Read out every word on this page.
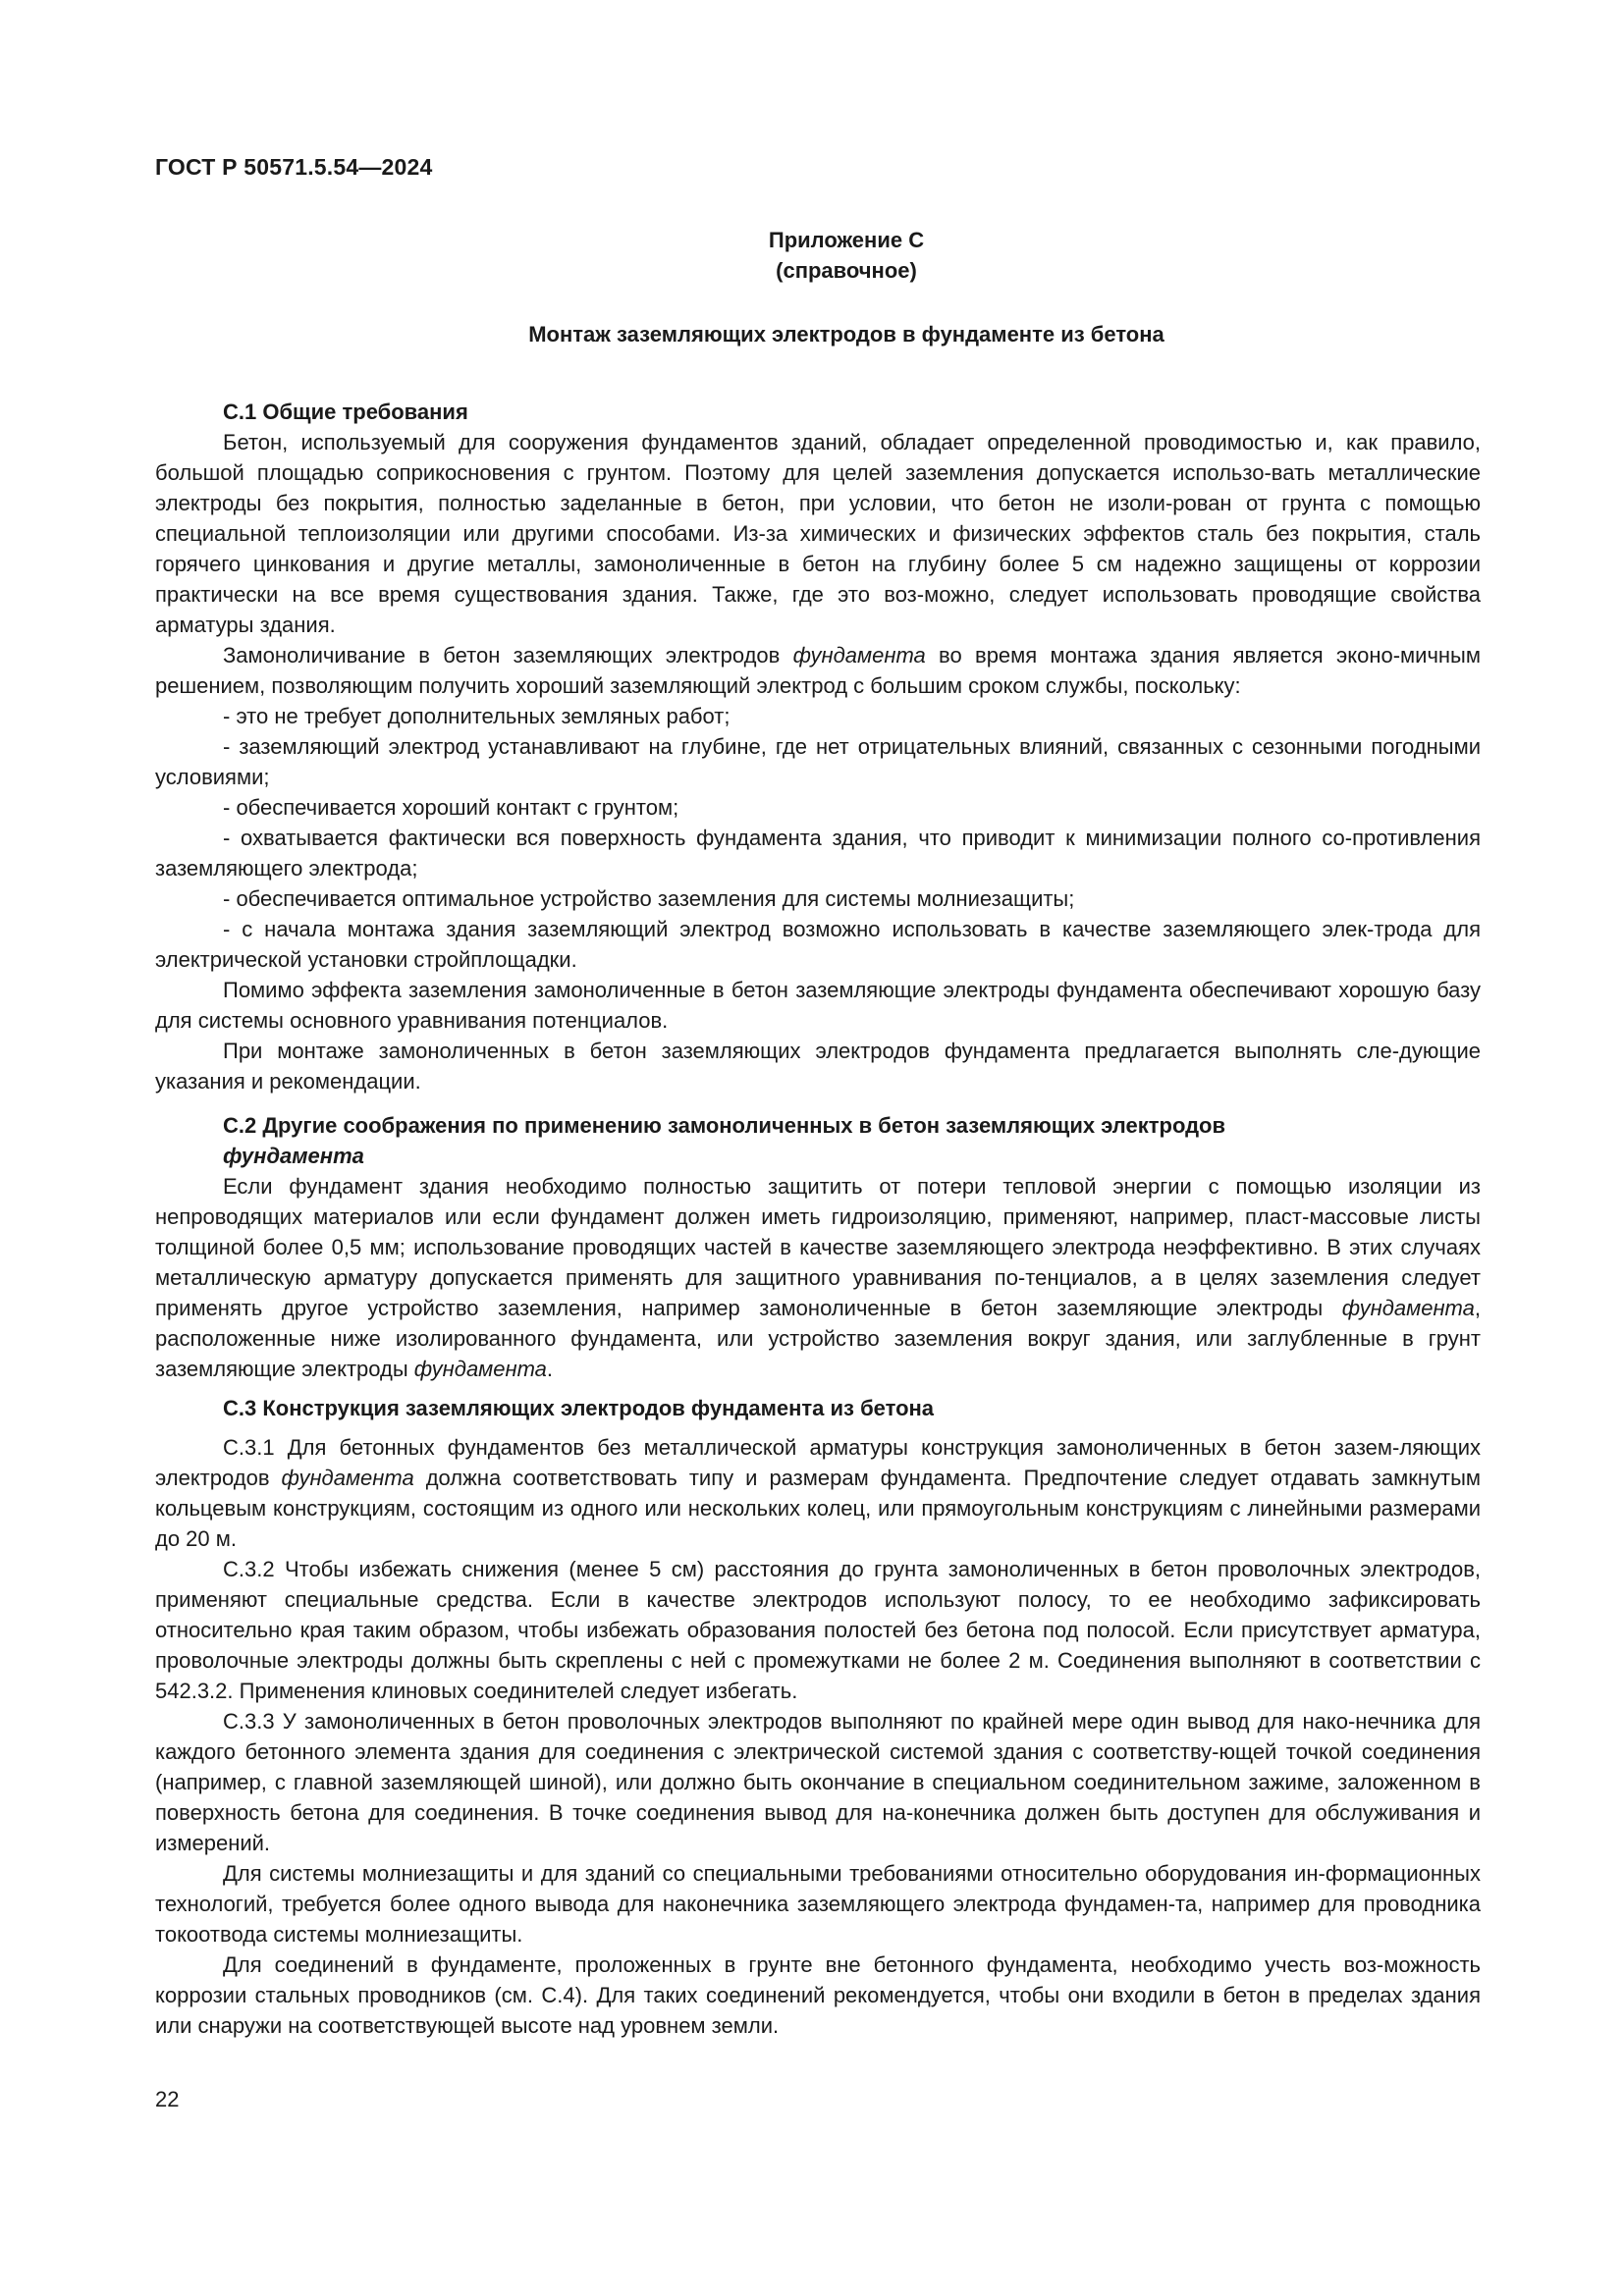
ГОСТ Р 50571.5.54—2024
Приложение С
(справочное)
Монтаж заземляющих электродов в фундаменте из бетона

С.1 Общие требования

Бетон, используемый для сооружения фундаментов зданий, обладает определенной проводимостью и, как правило, большой площадью соприкосновения с грунтом. Поэтому для целей заземления допускается использо-вать металлические электроды без покрытия, полностью заделанные в бетон, при условии, что бетон не изоли-рован от грунта с помощью специальной теплоизоляции или другими способами. Из-за химических и физических эффектов сталь без покрытия, сталь горячего цинкования и другие металлы, замоноличенные в бетон на глубину более 5 см надежно защищены от коррозии практически на все время существования здания. Также, где это воз-можно, следует использовать проводящие свойства арматуры здания.

Замоноличивание в бетон заземляющих электродов фундамента во время монтажа здания является эконо-мичным решением, позволяющим получить хороший заземляющий электрод с большим сроком службы, поскольку:

- это не требует дополнительных земляных работ;

- заземляющий электрод устанавливают на глубине, где нет отрицательных влияний, связанных с сезонными погодными условиями;

- обеспечивается хороший контакт с грунтом;

- охватывается фактически вся поверхность фундамента здания, что приводит к минимизации полного со-противления заземляющего электрода;

- обеспечивается оптимальное устройство заземления для системы молниезащиты;

- с начала монтажа здания заземляющий электрод возможно использовать в качестве заземляющего элек-трода для электрической установки стройплощадки.

Помимо эффекта заземления замоноличенные в бетон заземляющие электроды фундамента обеспечивают хорошую базу для системы основного уравнивания потенциалов.

При монтаже замоноличенных в бетон заземляющих электродов фундамента предлагается выполнять сле-дующие указания и рекомендации.

С.2 Другие соображения по применению замоноличенных в бетон заземляющих электродов
фундамента

Если фундамент здания необходимо полностью защитить от потери тепловой энергии с помощью изоляции из непроводящих материалов или если фундамент должен иметь гидроизоляцию, применяют, например, пласт-массовые листы толщиной более 0,5 мм; использование проводящих частей в качестве заземляющего электрода неэффективно. В этих случаях металлическую арматуру допускается применять для защитного уравнивания по-тенциалов, а в целях заземления следует применять другое устройство заземления, например замоноличенные в бетон заземляющие электроды фундамента, расположенные ниже изолированного фундамента, или устройство заземления вокруг здания, или заглубленные в грунт заземляющие электроды фундамента.

С.3 Конструкция заземляющих электродов фундамента из бетона

С.3.1 Для бетонных фундаментов без металлической арматуры конструкция замоноличенных в бетон зазем-ляющих электродов фундамента должна соответствовать типу и размерам фундамента. Предпочтение следует отдавать замкнутым кольцевым конструкциям, состоящим из одного или нескольких колец, или прямоугольным конструкциям с линейными размерами до 20 м.

С.3.2 Чтобы избежать снижения (менее 5 см) расстояния до грунта замоноличенных в бетон проволочных электродов, применяют специальные средства. Если в качестве электродов используют полосу, то ее необходимо зафиксировать относительно края таким образом, чтобы избежать образования полостей без бетона под полосой. Если присутствует арматура, проволочные электроды должны быть скреплены с ней с промежутками не более 2 м. Соединения выполняют в соответствии с 542.3.2. Применения клиновых соединителей следует избегать.

С.3.3 У замоноличенных в бетон проволочных электродов выполняют по крайней мере один вывод для нако-нечника для каждого бетонного элемента здания для соединения с электрической системой здания с соответству-ющей точкой соединения (например, с главной заземляющей шиной), или должно быть окончание в специальном соединительном зажиме, заложенном в поверхность бетона для соединения. В точке соединения вывод для на-конечника должен быть доступен для обслуживания и измерений.

Для системы молниезащиты и для зданий со специальными требованиями относительно оборудования ин-формационных технологий, требуется более одного вывода для наконечника заземляющего электрода фундамен-та, например для проводника токоотвода системы молниезащиты.

Для соединений в фундаменте, проложенных в грунте вне бетонного фундамента, необходимо учесть воз-можность коррозии стальных проводников (см. С.4). Для таких соединений рекомендуется, чтобы они входили в бетон в пределах здания или снаружи на соответствующей высоте над уровнем земли.

22
